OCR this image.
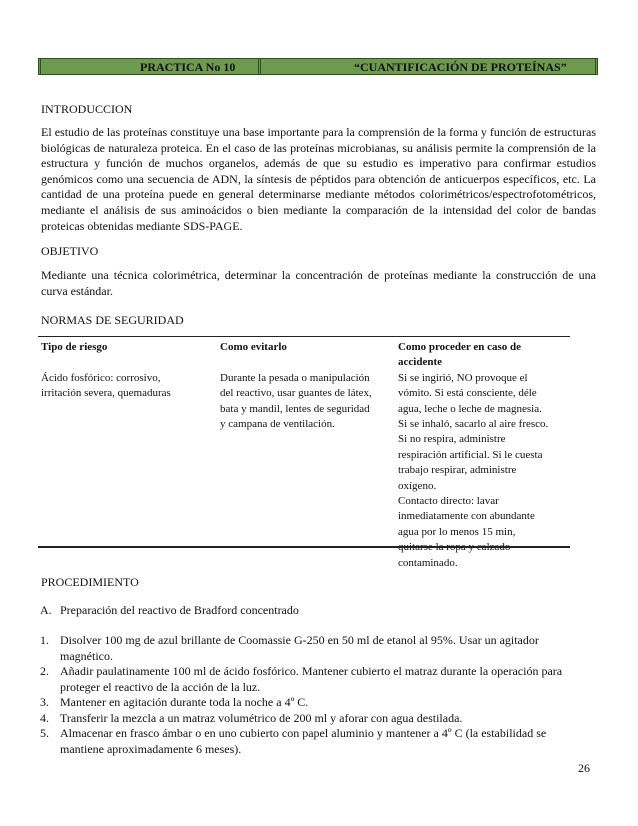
PRACTICA No 10	“CUANTIFICACIÓN DE PROTEÍNAS”
INTRODUCCION
El estudio de las proteínas constituye una base importante para la comprensión de la forma y función de estructuras
biológicas de naturaleza proteica. En el caso de las proteínas microbianas, su análisis permite la comprensión de la
estructura y función de muchos organelos, además de que su estudio es imperativo para confirmar estudios
genómicos como una secuencia de ADN, la síntesis de péptidos para obtención de anticuerpos específicos, etc. La
cantidad de una proteína puede en general determinarse mediante métodos colorimétricos/espectrofotométricos,
mediante el análisis de sus aminoácidos o bien mediante la comparación de la intensidad del color de bandas
proteicas obtenidas mediante SDS-PAGE.
OBJETIVO
Mediante una técnica colorimétrica, determinar la concentración de proteínas mediante la construcción de una
curva estándar.
NORMAS DE SEGURIDAD
Tipo de riesgo
Ácido fosfórico: corrosivo,
irritación severa, quemaduras
Como evitarlo
Durante la pesada o manipulación
del reactivo, usar guantes de látex,
bata y mandil, lentes de seguridad
y campana de ventilación.
Como proceder en caso de
accidente
Si se ingirió, NO provoque el
vómito. Si está consciente, déle
agua, leche o leche de magnesia.
Si se inhaló, sacarlo al aire fresco.
Si no respira, administre
respiración artificial. Si le cuesta
trabajo respirar, administre
oxígeno.
Contacto directo: lavar
inmediatamente con abundante
agua por lo menos 15 min,
contaminado.
PROCEDIMIENTO
A. Preparación del reactivo de Bradford concentrado
1. Disolver 100 mg de azul brillante de Coomassie G-250 en 50 ml de etanol al 95%. Usar un agitador
magnético.
2. Añadir paulatinamente 100 ml de ácido fosfórico. Mantener cubierto el matraz durante la operación para
proteger el reactivo de la acción de la luz.
3. Mantener en agitación durante toda la noche a 4º C.
4. Transferir la mezcla a un matraz volumétrico de 200 ml y aforar con agua destilada.
5. Almacenar en frasco ámbar o en uno cubierto con papel aluminio y mantener a 4º C (la estabilidad se
mantiene aproximadamente 6 meses).
26
